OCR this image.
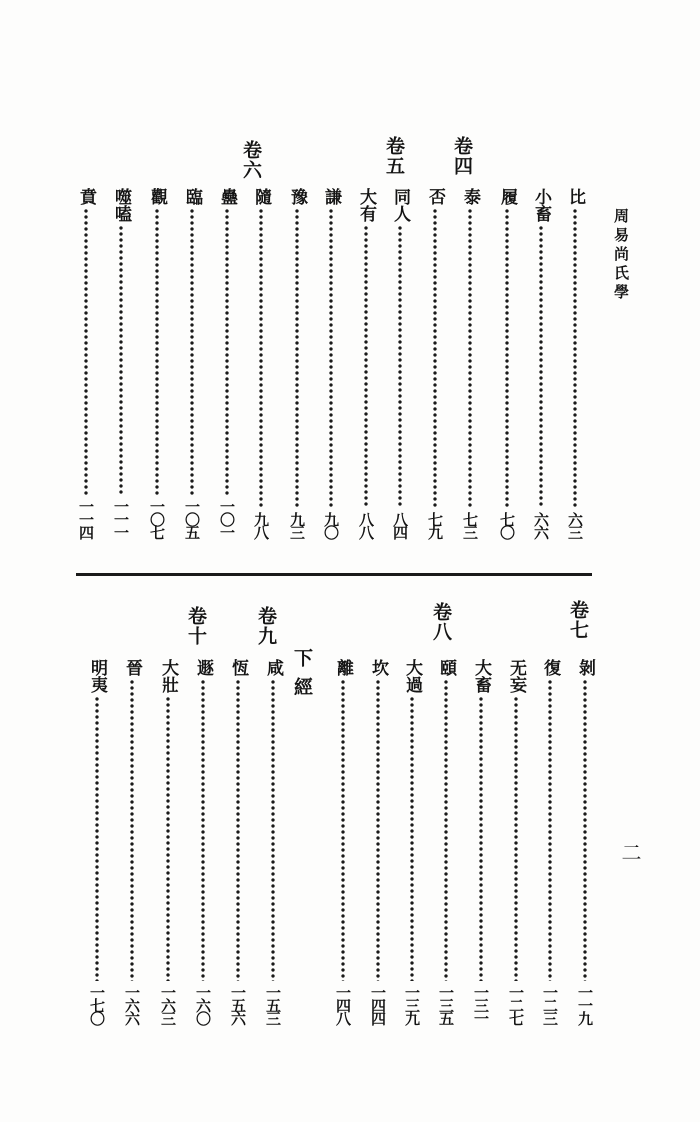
周易尚氏學
卷四
卷五
卷六
比
六三
小畜
六六
履
七〇
泰
七三
否
七九
同人
八四
大有
八八
謙
九〇
豫
九三
隨
九八
蠱
一〇一
臨
一〇五
觀
一〇七
噬嗑
一一一
賁
一一四
卷七
卷八
卷九
卷十
下經	剝
一一九
復
一二三
无妄
一二七
大畜
一三一
頤
一三五
大過
一三九
坎
一四四
離
一四八
咸
一五三
恆
一五六
遯
一六〇
大壯
一六三
晉
一六六
明夷
一七〇
二
